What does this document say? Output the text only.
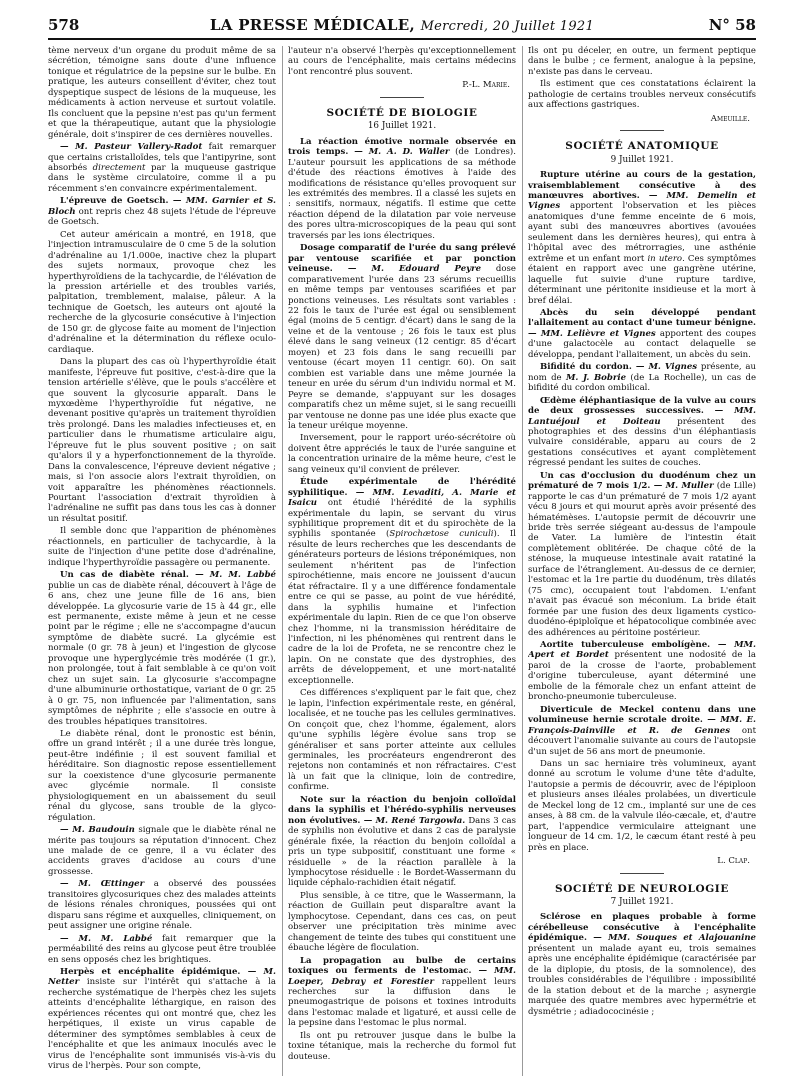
578	LA PRESSE MÉDICALE, Mercredi, 20 Juillet 1921	N° 58

tème nerveux d'un organe du produit même de sa sécrétion, témoigne sans doute d'une influence tonique et régulatrice de la pepsine sur le bulbe. En pratique, les auteurs conseillent d'éviter, chez tout dyspeptique suspect de lésions de la muqueuse, les médicaments à action nerveuse et surtout volatile. Ils concluent que la pepsine n'est pas qu'un ferment et que la thérapeutique, autant que la physiologie générale, doit s'inspirer de ces dernières nouvelles.

— M. Pasteur Vallery-Radot fait remarquer que certains cristalloïdes, tels que l'antipyrine, sont absorbés directement par la muqueuse gastrique dans le système circulatoire, comme il a pu récemment s'en convaincre expérimentalement.

L'épreuve de Goetsch. — MM. Garnier et S. Bloch ont repris chez 48 sujets l'étude de l'épreuve de Goetsch.

Cet auteur américain a montré, en 1918, que l'injection intramusculaire de 0 cme 5 de la solution d'adrénaline au 1/1.000e, inactive chez la plupart des sujets normaux, provoque chez les hyperthyroïdiens de la tachycardie, de l'élévation de la pression artérielle et des troubles variés, palpitation, tremblement, malaise, pâleur. A la technique de Goetsch, les auteurs ont ajouté la recherche de la glycosurie consécutive à l'injection de 150 gr. de glycose faite au moment de l'injection d'adrénaline et la détermination du réflexe oculo-cardiaque.

Dans la plupart des cas où l'hyperthyroïdie était manifeste, l'épreuve fut positive, c'est-à-dire que la tension artérielle s'élève, que le pouls s'accélère et que souvent la glycosurie apparaît. Dans le myxœdème l'hyperthyroïdie fut négative, ne devenant positive qu'après un traitement thyroïdien très prolongé. Dans les maladies infectieuses et, en particulier dans le rhumatisme articulaire aigu, l'épreuve fut le plus souvent positive ; on sait qu'alors il y a hyperfonctionnement de la thyroïde. Dans la convalescence, l'épreuve devient négative ; mais, si l'on associe alors l'extrait thyroïdien, on voit apparaître les phénomènes réactionnels. Pourtant l'association d'extrait thyroïdien à l'adrénaline ne suffit pas dans tous les cas à donner un résultat positif.

Il semble donc que l'apparition de phénomènes réactionnels, en particulier de tachycardie, à la suite de l'injection d'une petite dose d'adrénaline, indique l'hyperthyroïdie passagère ou permanente.

Un cas de diabète rénal. — M. M. Labbé publie un cas de diabète rénal, découvert à l'âge de 6 ans, chez une jeune fille de 16 ans, bien développée. La glycosurie varie de 15 à 44 gr., elle est permanente, existe même à jeun et ne cesse point par le régime ; elle ne s'accompagne d'aucun symptôme de diabète sucré. La glycémie est normale (0 gr. 78 à jeun) et l'ingestion de glycose provoque une hyperglycémie très modérée (1 gr.), non prolongée, tout à fait semblable à ce qu'on voit chez un sujet sain. La glycosurie s'accompagne d'une albuminurie orthostatique, variant de 0 gr. 25 à 0 gr. 75, non influencée par l'alimentation, sans symptômes de néphrite ; elle s'associe en outre à des troubles hépatiques transitoires.

Le diabète rénal, dont le pronostic est bénin, offre un grand intérêt ; il a une durée très longue, peut-être indéfinie ; il est souvent familial et héréditaire. Son diagnostic repose essentiellement sur la coexistence d'une glycosurie permanente avec glycémie normale. Il consiste physiologiquement en un abaissement du seuil rénal du glycose, sans trouble de la glyco-régulation.

— M. Baudouin signale que le diabète rénal ne mérite pas toujours sa réputation d'innocent. Chez une malade de ce genre, il a vu éclater des accidents graves d'acidose au cours d'une grossesse.

— M. Œttinger a observé des poussées transitoires glycosuriques chez des malades atteints de lésions rénales chroniques, poussées qui ont disparu sans régime et auxquelles, cliniquement, on peut assigner une origine rénale.

— M. M. Labbé fait remarquer que la perméabilité des reins au glycose peut être troublée en sens opposés chez les brightiques.

Herpès et encéphalite épidémique. — M. Netter insiste sur l'intérêt qui s'attache à la recherche systématique de l'herpès chez les sujets atteints d'encéphalite léthargique, en raison des expériences récentes qui ont montré que, chez les herpétiques, il existe un virus capable de déterminer des symptômes semblables à ceux de l'encéphalite et que les animaux inoculés avec le virus de l'encéphalite sont immunisés vis-à-vis du virus de l'herpès. Pour son compte,

l'auteur n'a observé l'herpès qu'exceptionnellement au cours de l'encéphalite, mais certains médecins l'ont rencontré plus souvent.

P.-L. Marie.

SOCIÉTÉ DE BIOLOGIE
16 Juillet 1921.

La réaction émotive normale observée en trois temps. — M. A. D. Waller (de Londres). L'auteur poursuit les applications de sa méthode d'étude des réactions émotives à l'aide des modifications de résistance qu'elles provoquent sur les extrémités des membres. Il a classé les sujets en : sensitifs, normaux, négatifs. Il estime que cette réaction dépend de la dilatation par voie nerveuse des pores ultra-microscopiques de la peau qui sont traversés par les ions électriques.

Dosage comparatif de l'urée du sang prélevé par ventouse scarifiée et par ponction veineuse. — M. Edouard Peyre dose comparativement l'urée dans 23 sérums recueillis en même temps par ventouses scarifiées et par ponctions veineuses. Les résultats sont variables : 22 fois le taux de l'urée est égal ou sensiblement égal (moins de 5 centigr. d'écart) dans le sang de la veine et de la ventouse ; 26 fois le taux est plus élevé dans le sang veineux (12 centigr. 85 d'écart moyen) et 23 fois dans le sang recueilli par ventouse (écart moyen 11 centigr. 60). On sait combien est variable dans une même journée la teneur en urée du sérum d'un individu normal et M. Peyre se demande, s'appuyant sur les dosages comparatifs chez un même sujet, si le sang recueilli par ventouse ne donne pas une idée plus exacte que la teneur uréique moyenne.

Inversement, pour le rapport uréo-sécrétoire où doivent être appréciés le taux de l'urée sanguine et la concentration urinaire de la même heure, c'est le sang veineux qu'il convient de prélever.

Étude expérimentale de l'hérédité syphilitique. — MM. Levaditi, A. Marie et Isaicu ont étudié l'hérédité de la syphilis expérimentale du lapin, se servant du virus syphilitique proprement dit et du spirochète de la syphilis spontanée (Spirochætose cuniculi). Il résulte de leurs recherches que les descendants de générateurs porteurs de lésions tréponémiques, non seulement n'héritent pas de l'infection spirochétienne, mais encore ne jouissent d'aucun état réfractaire. Il y a une différence fondamentale entre ce qui se passe, au point de vue hérédité, dans la syphilis humaine et l'infection expérimentale du lapin. Rien de ce que l'on observe chez l'homme, ni la transmission héréditaire de l'infection, ni les phénomènes qui rentrent dans le cadre de la loi de Profeta, ne se rencontre chez le lapin. On ne constate que des dystrophies, des arrêts de développement, et une mort-natalité exceptionnelle.

Ces différences s'expliquent par le fait que, chez le lapin, l'infection expérimentale reste, en général, localisée, et ne touche pas les cellules germinatives. On conçoit que, chez l'homme, également, alors qu'une syphilis légère évolue sans trop se généraliser et sans porter atteinte aux cellules germinales, les procréateurs engendreront des rejetons non contaminés et non réfractaires. C'est là un fait que la clinique, loin de contredire, confirme.

Note sur la réaction du benjoin colloïdal dans la syphilis et l'hérédo-syphilis nerveuses non évolutives. — M. René Targowla. Dans 3 cas de syphilis non évolutive et dans 2 cas de paralysie générale fixée, la réaction du benjoin colloïdal a pris un type subpositif, constituant une forme « résiduelle » de la réaction parallèle à la lymphocytose résiduelle : le Bordet-Wassermann du liquide céphalo-rachidien était négatif.

Plus sensible, à ce titre, que le Wassermann, la réaction de Guillain peut disparaître avant la lymphocytose. Cependant, dans ces cas, on peut observer une précipitation très minime avec changement de teinte des tubes qui constituent une ébauche légère de floculation.

La propagation au bulbe de certains toxiques ou ferments de l'estomac. — MM. Loeper, Debray et Forestier rappellent leurs recherches sur la diffusion dans le pneumogastrique de poisons et toxines introduits dans l'estomac malade et ligaturé, et aussi celle de la pepsine dans l'estomac le plus normal.

Ils ont pu retrouver jusque dans le bulbe la toxine tétanique, mais la recherche du formol fut douteuse.

Ils ont pu déceler, en outre, un ferment peptique dans le bulbe ; ce ferment, analogue à la pepsine, n'existe pas dans le cerveau.

Ils estiment que ces constatations éclairent la pathologie de certains troubles nerveux consécutifs aux affections gastriques.

Ameuille.

SOCIÉTÉ ANATOMIQUE
9 Juillet 1921.

Rupture utérine au cours de la gestation, vraisemblablement consécutive à des manœuvres abortives. — MM. Demelin et Vignes apportent l'observation et les pièces anatomiques d'une femme enceinte de 6 mois, ayant subi des manœuvres abortives (avouées seulement dans les dernières heures), qui entra à l'hôpital avec des métrorragies, une asthénie extrême et un enfant mort in utero. Ces symptômes étaient en rapport avec une gangrène utérine, laquelle fut suivie d'une rupture tardive, déterminant une péritonite insidieuse et la mort à bref délai.

Abcès du sein développé pendant l'allaitement au contact d'une tumeur bénigne. — MM. Lelièvre et Vignes apportent des coupes d'une galactocèle au contact delaquelle se développa, pendant l'allaitement, un abcès du sein.

Bifidité du cordon. — M. Vignes présente, au nom de M. J. Bobrie (de La Rochelle), un cas de bifidité du cordon ombilical.

Œdème éléphantiasique de la vulve au cours de deux grossesses successives. — MM. Lantuéjoul et Doiteau présentent des photographies et des dessins d'un éléphantiasis vulvaire considérable, apparu au cours de 2 gestations consécutives et ayant complètement régressé pendant les suites de couches.

Un cas d'occlusion du duodénum chez un prématuré de 7 mois 1/2. — M. Muller (de Lille) rapporte le cas d'un prématuré de 7 mois 1/2 ayant vécu 8 jours et qui mourut après avoir présenté des hématémèses. L'autopsie permit de découvrir une bride très serrée siégeant au-dessus de l'ampoule de Vater. La lumière de l'intestin était complètement oblitérée. De chaque côté de la sténose, la muqueuse intestinale avait ratatiné la surface de l'étranglement. Au-dessus de ce dernier, l'estomac et la 1re partie du duodénum, très dilatés (75 cmc), occupaient tout l'abdomen. L'enfant n'avait pas évacué son méconium. La bride était formée par une fusion des deux ligaments cystico-duodéno-épiploïque et hépatocolique combinée avec des adhérences au péritoine postérieur.

Aortite tuberculeuse embolígène. — MM. Apert et Bordet présentent une nodosité de la paroi de la crosse de l'aorte, probablement d'origine tuberculeuse, ayant déterminé une embolie de la fémorale chez un enfant atteint de broncho-pneumonie tuberculeuse.

Diverticule de Meckel contenu dans une volumineuse hernie scrotale droite. — MM. E. François-Dainville et R. de Gennes ont découvert l'anomalie suivante au cours de l'autopsie d'un sujet de 56 ans mort de pneumonie.

Dans un sac herniaire très volumineux, ayant donné au scrotum le volume d'une tête d'adulte, l'autopsie a permis de découvrir, avec de l'épiploon et plusieurs anses iléales prolabées, un diverticule de Meckel long de 12 cm., implanté sur une de ces anses, à 88 cm. de la valvule iléo-cæcale, et, d'autre part, l'appendice vermiculaire atteignant une longueur de 14 cm. 1/2, le cæcum étant resté à peu près en place.

L. Clap.

SOCIÉTÉ DE NEUROLOGIE
7 Juillet 1921.

Sclérose en plaques probable à forme cérébelleuse consécutive à l'encéphalite épidémique. — MM. Souques et Alajouanine présentent un malade ayant eu, trois semaines après une encéphalite épidémique (caractérisée par de la diplopie, du ptosis, de la somnolence), des troubles considérables de l'équilibre : impossibilité de la station debout et de la marche ; asynergie marquée des quatre membres avec hypermétrie et dysmétrie ; adiadococinésie ;
